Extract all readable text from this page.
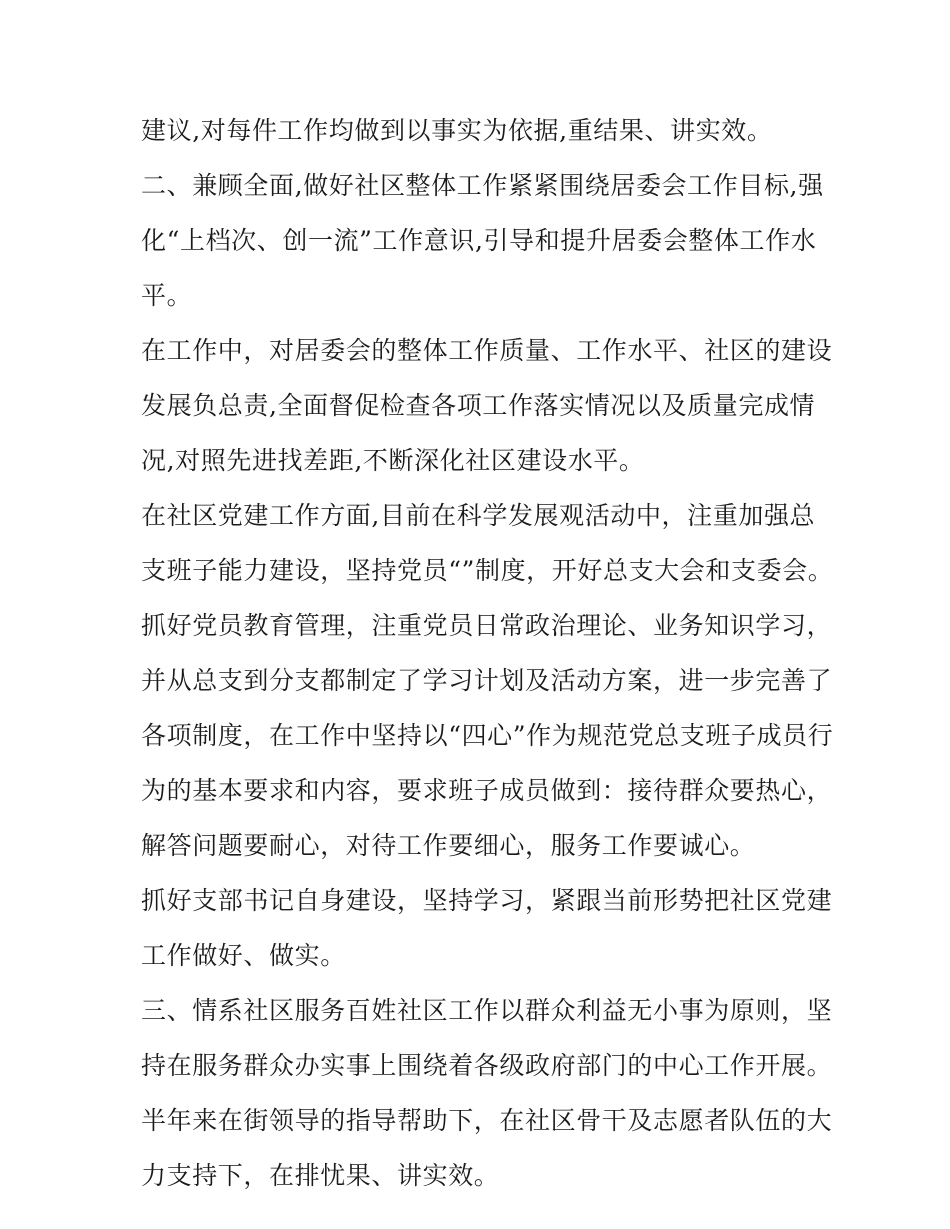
建议,对每件工作均做到以事实为依据,重结果、讲实效。
二、兼顾全面,做好社区整体工作紧紧围绕居委会工作目标,强
化“上档次、创一流”工作意识,引导和提升居委会整体工作水
平。
在工作中，对居委会的整体工作质量、工作水平、社区的建设
发展负总责,全面督促检查各项工作落实情况以及质量完成情
况,对照先进找差距,不断深化社区建设水平。
在社区党建工作方面,目前在科学发展观活动中，注重加强总
支班子能力建设，坚持党员“”制度，开好总支大会和支委会。
抓好党员教育管理，注重党员日常政治理论、业务知识学习，
并从总支到分支都制定了学习计划及活动方案，进一步完善了
各项制度，在工作中坚持以“四心”作为规范党总支班子成员行
为的基本要求和内容，要求班子成员做到：接待群众要热心，
解答问题要耐心，对待工作要细心，服务工作要诚心。
抓好支部书记自身建设，坚持学习，紧跟当前形势把社区党建
工作做好、做实。
三、情系社区服务百姓社区工作以群众利益无小事为原则，坚
持在服务群众办实事上围绕着各级政府部门的中心工作开展。
半年来在街领导的指导帮助下，在社区骨干及志愿者队伍的大
力支持下，在排忧果、讲实效。
